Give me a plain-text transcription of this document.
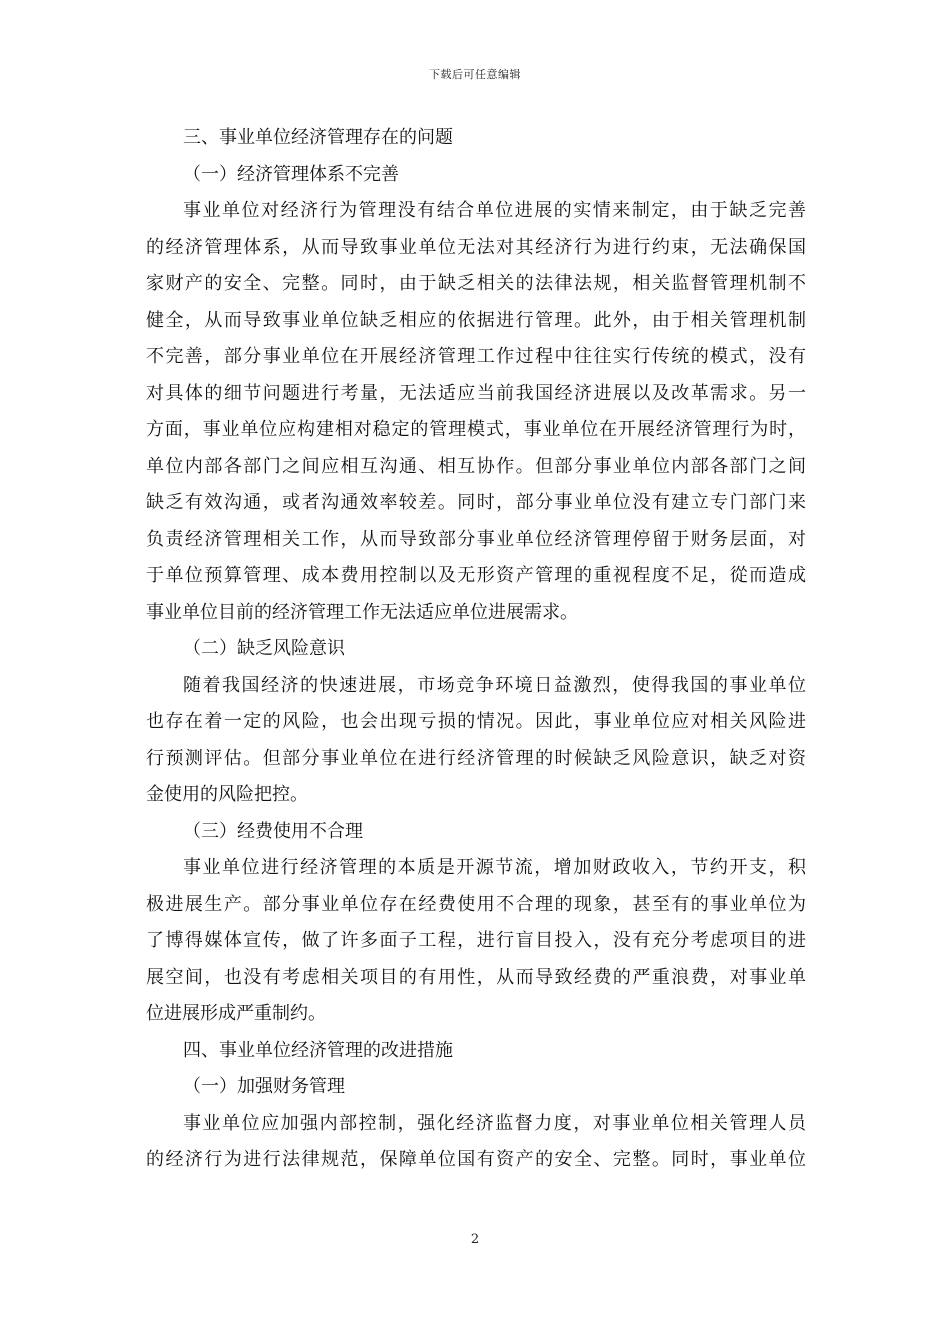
下载后可任意编辑
三、事业单位经济管理存在的问题
（一）经济管理体系不完善
事业单位对经济行为管理没有结合单位进展的实情来制定，由于缺乏完善
的经济管理体系，从而导致事业单位无法对其经济行为进行约束，无法确保国
家财产的安全、完整。同时，由于缺乏相关的法律法规，相关监督管理机制不
健全，从而导致事业单位缺乏相应的依据进行管理。此外，由于相关管理机制
不完善，部分事业单位在开展经济管理工作过程中往往实行传统的模式，没有
对具体的细节问题进行考量，无法适应当前我国经济进展以及改革需求。另一
方面，事业单位应构建相对稳定的管理模式，事业单位在开展经济管理行为时，
单位内部各部门之间应相互沟通、相互协作。但部分事业单位内部各部门之间
缺乏有效沟通，或者沟通效率较差。同时，部分事业单位没有建立专门部门来
负责经济管理相关工作，从而导致部分事业单位经济管理停留于财务层面，对
于单位预算管理、成本费用控制以及无形资产管理的重视程度不足，從而造成
事业单位目前的经济管理工作无法适应单位进展需求。
（二）缺乏风险意识
随着我国经济的快速进展，市场竞争环境日益激烈，使得我国的事业单位
也存在着一定的风险，也会出现亏损的情况。因此，事业单位应对相关风险进
行预测评估。但部分事业单位在进行经济管理的时候缺乏风险意识，缺乏对资
金使用的风险把控。
（三）经费使用不合理
事业单位进行经济管理的本质是开源节流，增加财政收入，节约开支，积
极进展生产。部分事业单位存在经费使用不合理的现象，甚至有的事业单位为
了博得媒体宣传，做了许多面子工程，进行盲目投入，没有充分考虑项目的进
展空间，也没有考虑相关项目的有用性，从而导致经费的严重浪费，对事业单
位进展形成严重制约。
四、事业单位经济管理的改进措施
（一）加强财务管理
事业单位应加强内部控制，强化经济监督力度，对事业单位相关管理人员
的经济行为进行法律规范，保障单位国有资产的安全、完整。同时，事业单位
2
